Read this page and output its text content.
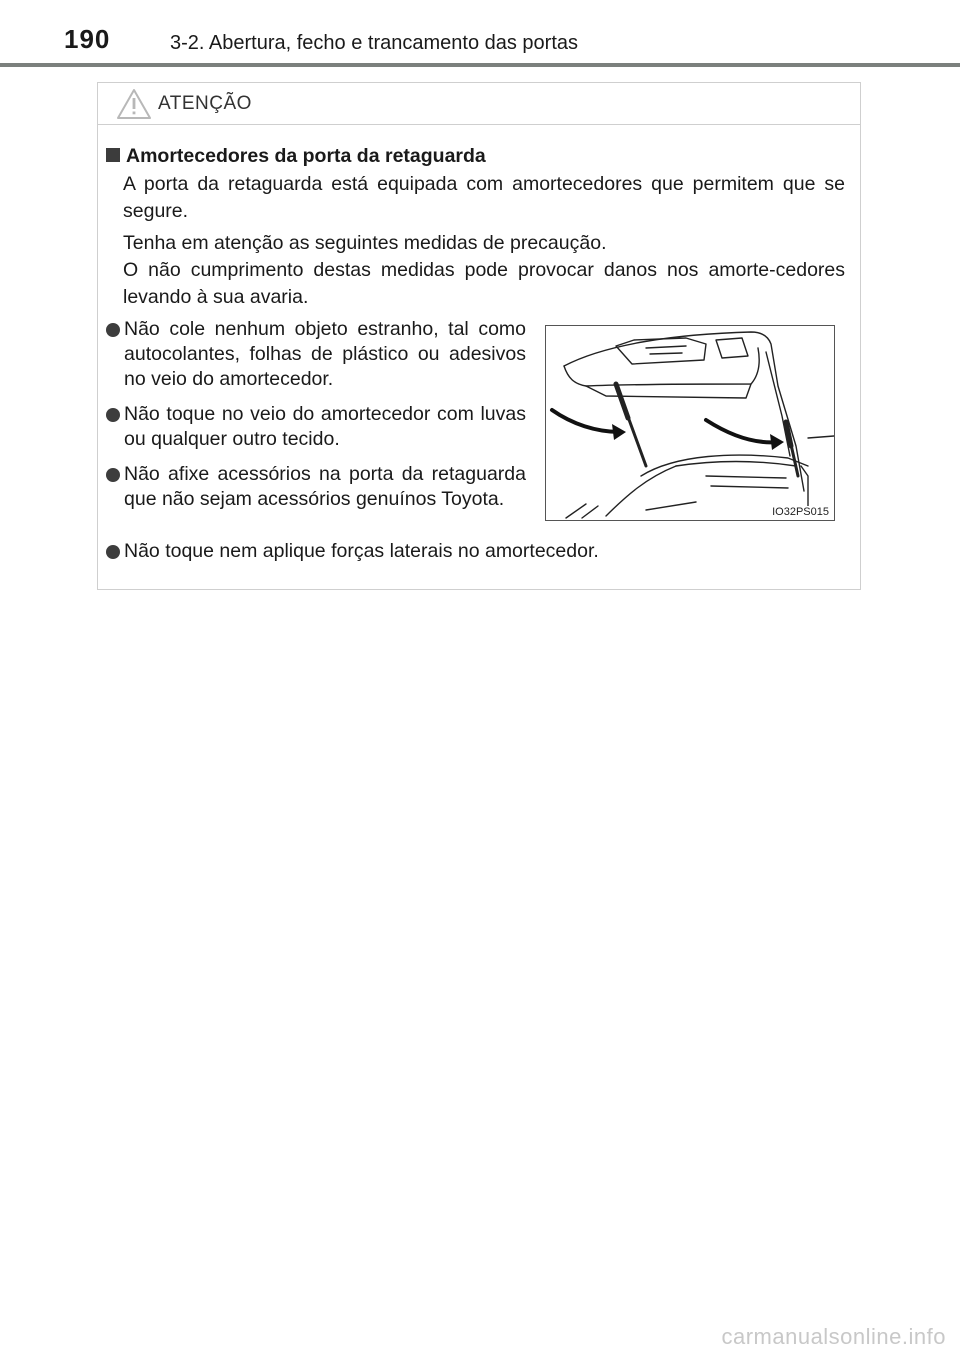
190	3-2. Abertura, fecho e trancamento das portas
ATENÇÃO
Amortecedores da porta da retaguarda

A porta da retaguarda está equipada com amortecedores que permitem que se segure.

Tenha em atenção as seguintes medidas de precaução.
O não cumprimento destas medidas pode provocar danos nos amorte-cedores levando à sua avaria.

Não cole nenhum objeto estranho, tal como autocolantes, folhas de plástico ou adesivos no veio do amortecedor.
Não toque no veio do amortecedor com luvas ou qualquer outro tecido.
Não afixe acessórios na porta da retaguarda que não sejam acessórios genuínos Toyota.
Não toque nem aplique forças laterais no amortecedor.
IO32PS015
carmanualsonline.info
